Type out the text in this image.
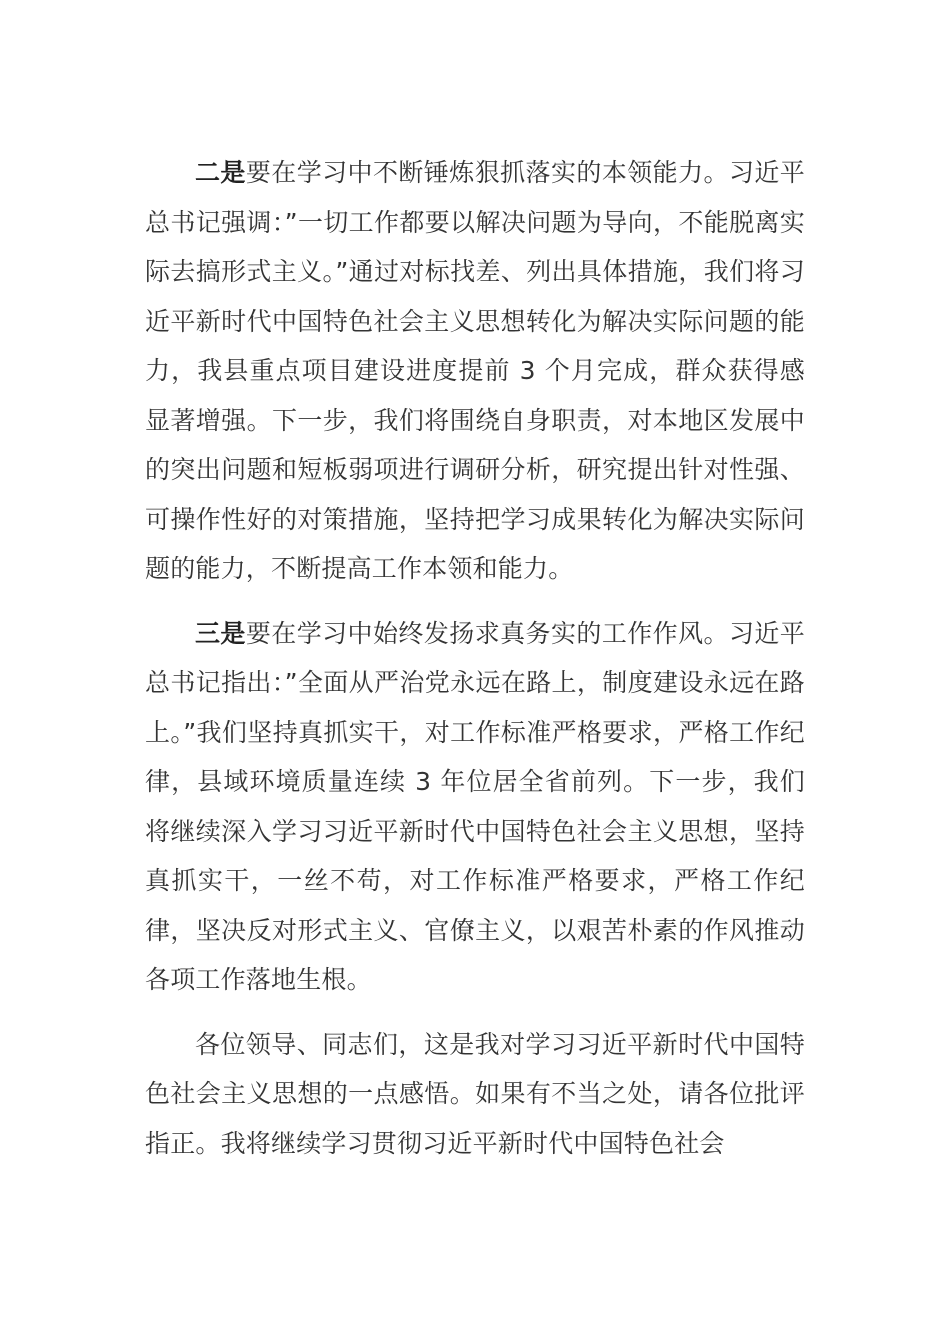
二是要在学习中不断锤炼狠抓落实的本领能力。习近平总书记强调：”一切工作都要以解决问题为导向，不能脱离实际去搞形式主义。”通过对标找差、列出具体措施，我们将习近平新时代中国特色社会主义思想转化为解决实际问题的能力，我县重点项目建设进度提前 3 个月完成，群众获得感显著增强。下一步，我们将围绕自身职责，对本地区发展中的突出问题和短板弱项进行调研分析，研究提出针对性强、可操作性好的对策措施，坚持把学习成果转化为解决实际问题的能力，不断提高工作本领和能力。

三是要在学习中始终发扬求真务实的工作作风。习近平总书记指出：”全面从严治党永远在路上，制度建设永远在路上。”我们坚持真抓实干，对工作标准严格要求，严格工作纪律，县域环境质量连续 3 年位居全省前列。下一步，我们将继续深入学习习近平新时代中国特色社会主义思想，坚持真抓实干，一丝不苟，对工作标准严格要求，严格工作纪律，坚决反对形式主义、官僚主义，以艰苦朴素的作风推动各项工作落地生根。

各位领导、同志们，这是我对学习习近平新时代中国特色社会主义思想的一点感悟。如果有不当之处，请各位批评指正。我将继续学习贯彻习近平新时代中国特色社会
